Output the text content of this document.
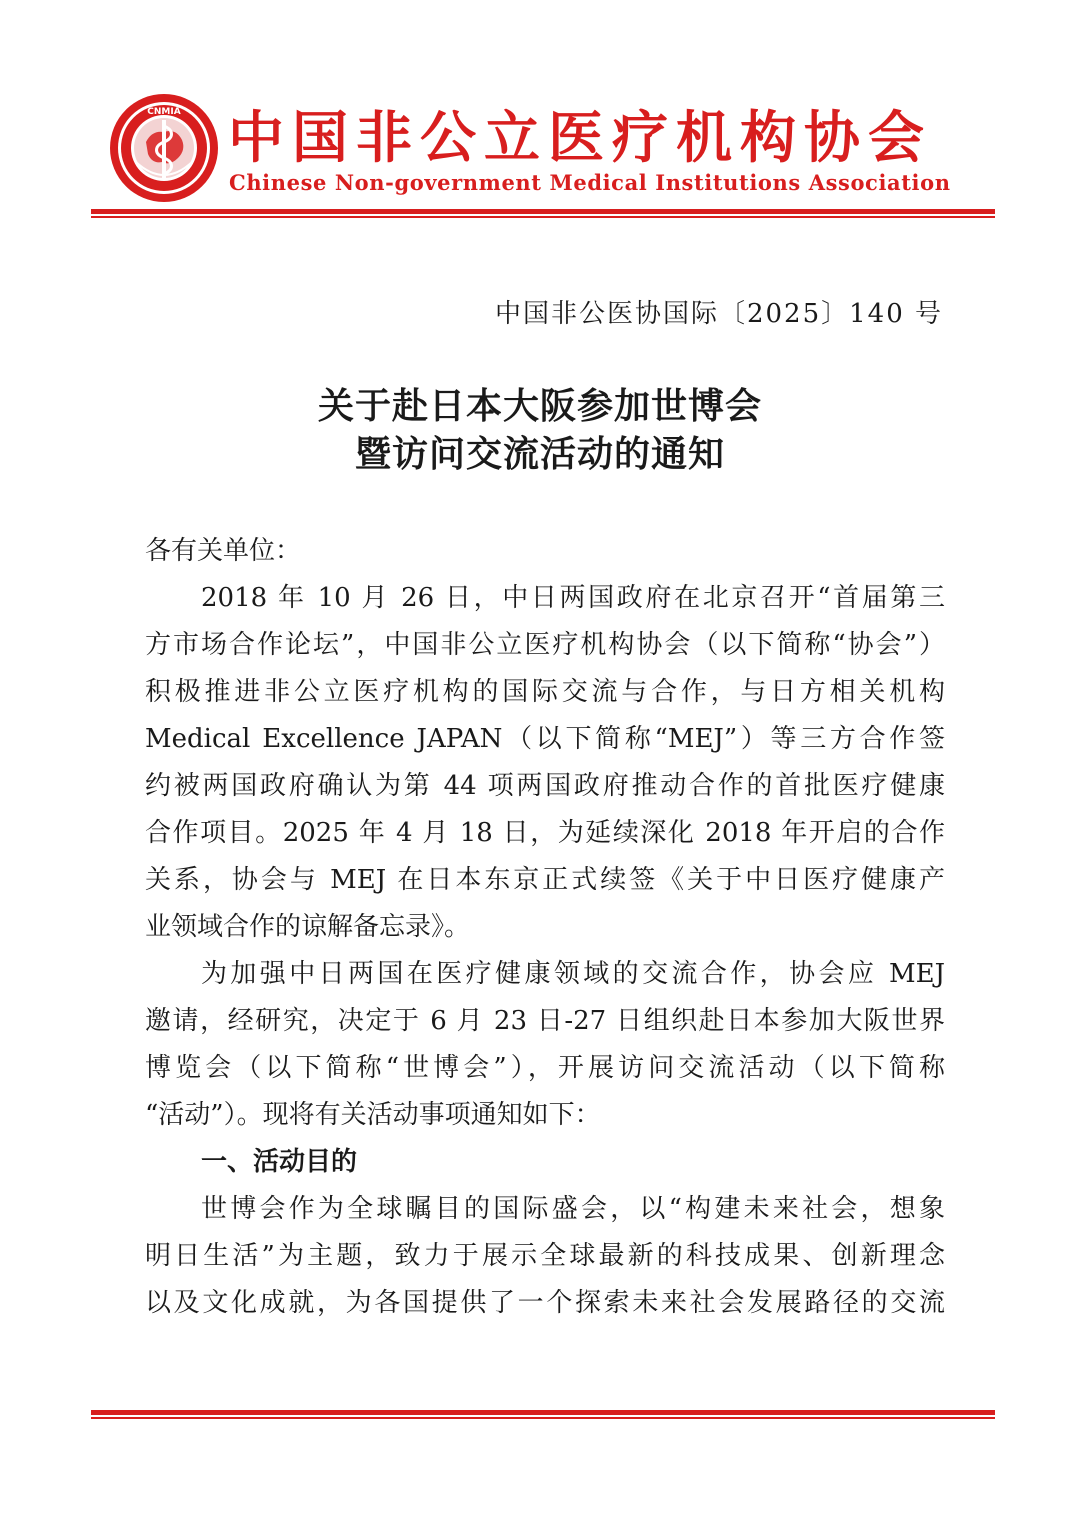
CNMIA 中国非公立医疗机构协会
Chinese Non-government Medical Institutions Association
中国非公医协国际〔2025〕140 号
关于赴日本大阪参加世博会
暨访问交流活动的通知
各有关单位：
2018 年 10 月 26 日，中日两国政府在北京召开“首届第三
方市场合作论坛”，中国非公立医疗机构协会（以下简称“协会”）
积极推进非公立医疗机构的国际交流与合作，与日方相关机构
Medical Excellence JAPAN（以下简称“MEJ”）等三方合作签
约被两国政府确认为第 44 项两国政府推动合作的首批医疗健康
合作项目。2025 年 4 月 18 日，为延续深化 2018 年开启的合作
关系，协会与 MEJ 在日本东京正式续签《关于中日医疗健康产
业领域合作的谅解备忘录》。
为加强中日两国在医疗健康领域的交流合作，协会应 MEJ
邀请，经研究，决定于 6 月 23 日-27 日组织赴日本参加大阪世界
博览会（以下简称“世博会”），开展访问交流活动（以下简称
“活动”）。现将有关活动事项通知如下：
一、活动目的
世博会作为全球瞩目的国际盛会，以“构建未来社会，想象
明日生活”为主题，致力于展示全球最新的科技成果、创新理念
以及文化成就，为各国提供了一个探索未来社会发展路径的交流
